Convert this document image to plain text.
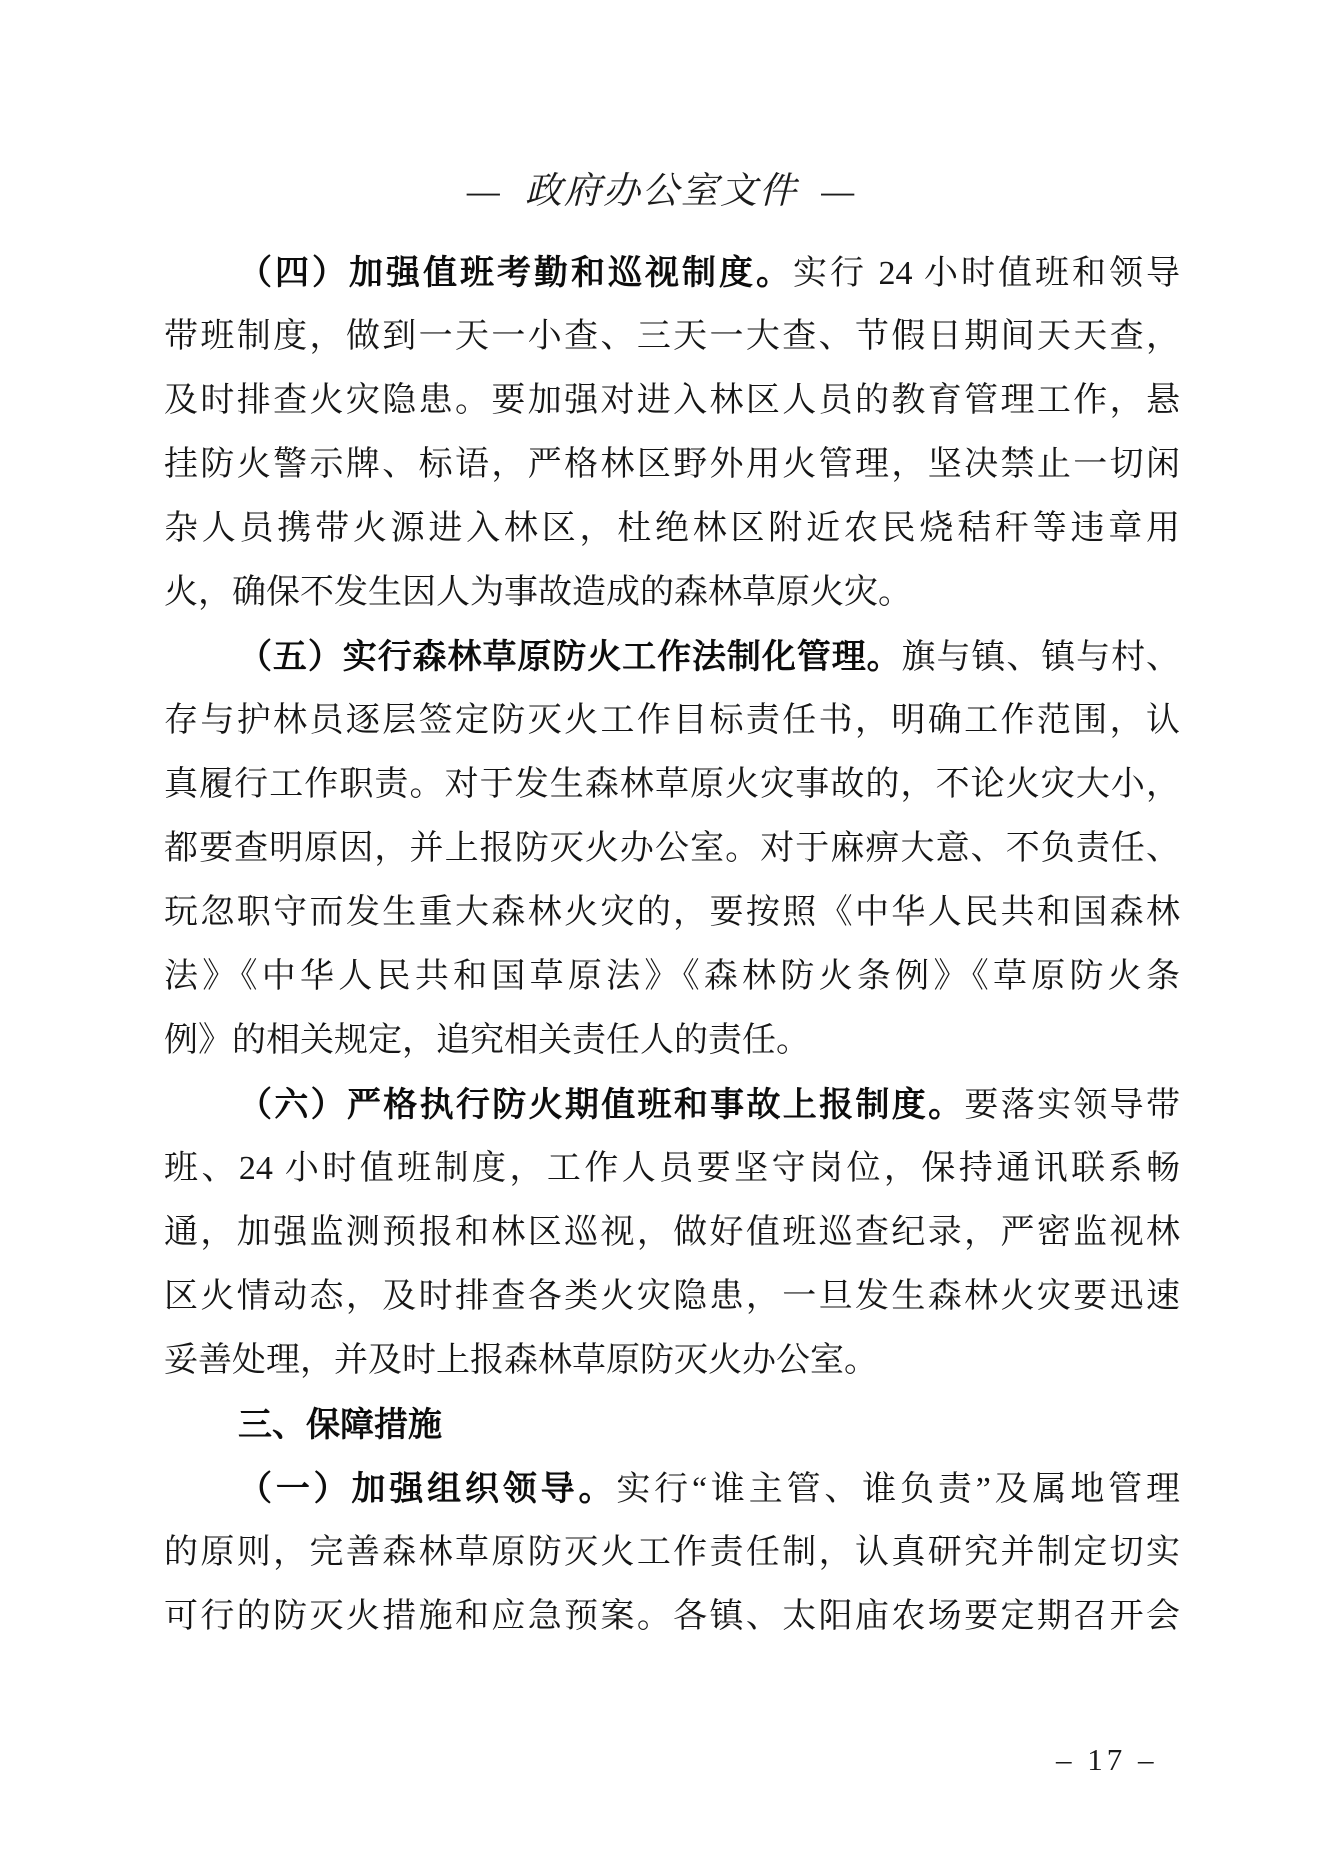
— 政府办公室文件 —
（四）加强值班考勤和巡视制度。实行 24 小时值班和领导
带班制度，做到一天一小查、三天一大查、节假日期间天天查，
及时排查火灾隐患。要加强对进入林区人员的教育管理工作，悬
挂防火警示牌、标语，严格林区野外用火管理，坚决禁止一切闲
杂人员携带火源进入林区，杜绝林区附近农民烧秸秆等违章用
火，确保不发生因人为事故造成的森林草原火灾。
（五）实行森林草原防火工作法制化管理。旗与镇、镇与村、
存与护林员逐层签定防灭火工作目标责任书，明确工作范围，认
真履行工作职责。对于发生森林草原火灾事故的，不论火灾大小，
都要查明原因，并上报防灭火办公室。对于麻痹大意、不负责任、
玩忽职守而发生重大森林火灾的，要按照《中华人民共和国森林
法》《中华人民共和国草原法》《森林防火条例》《草原防火条
例》的相关规定，追究相关责任人的责任。
（六）严格执行防火期值班和事故上报制度。要落实领导带
班、24 小时值班制度，工作人员要坚守岗位，保持通讯联系畅
通，加强监测预报和林区巡视，做好值班巡查纪录，严密监视林
区火情动态，及时排查各类火灾隐患，一旦发生森林火灾要迅速
妥善处理，并及时上报森林草原防灭火办公室。
三、保障措施
（一）加强组织领导。实行“谁主管、谁负责”及属地管理
的原则，完善森林草原防灭火工作责任制，认真研究并制定切实
可行的防灭火措施和应急预案。各镇、太阳庙农场要定期召开会
– 17 –
